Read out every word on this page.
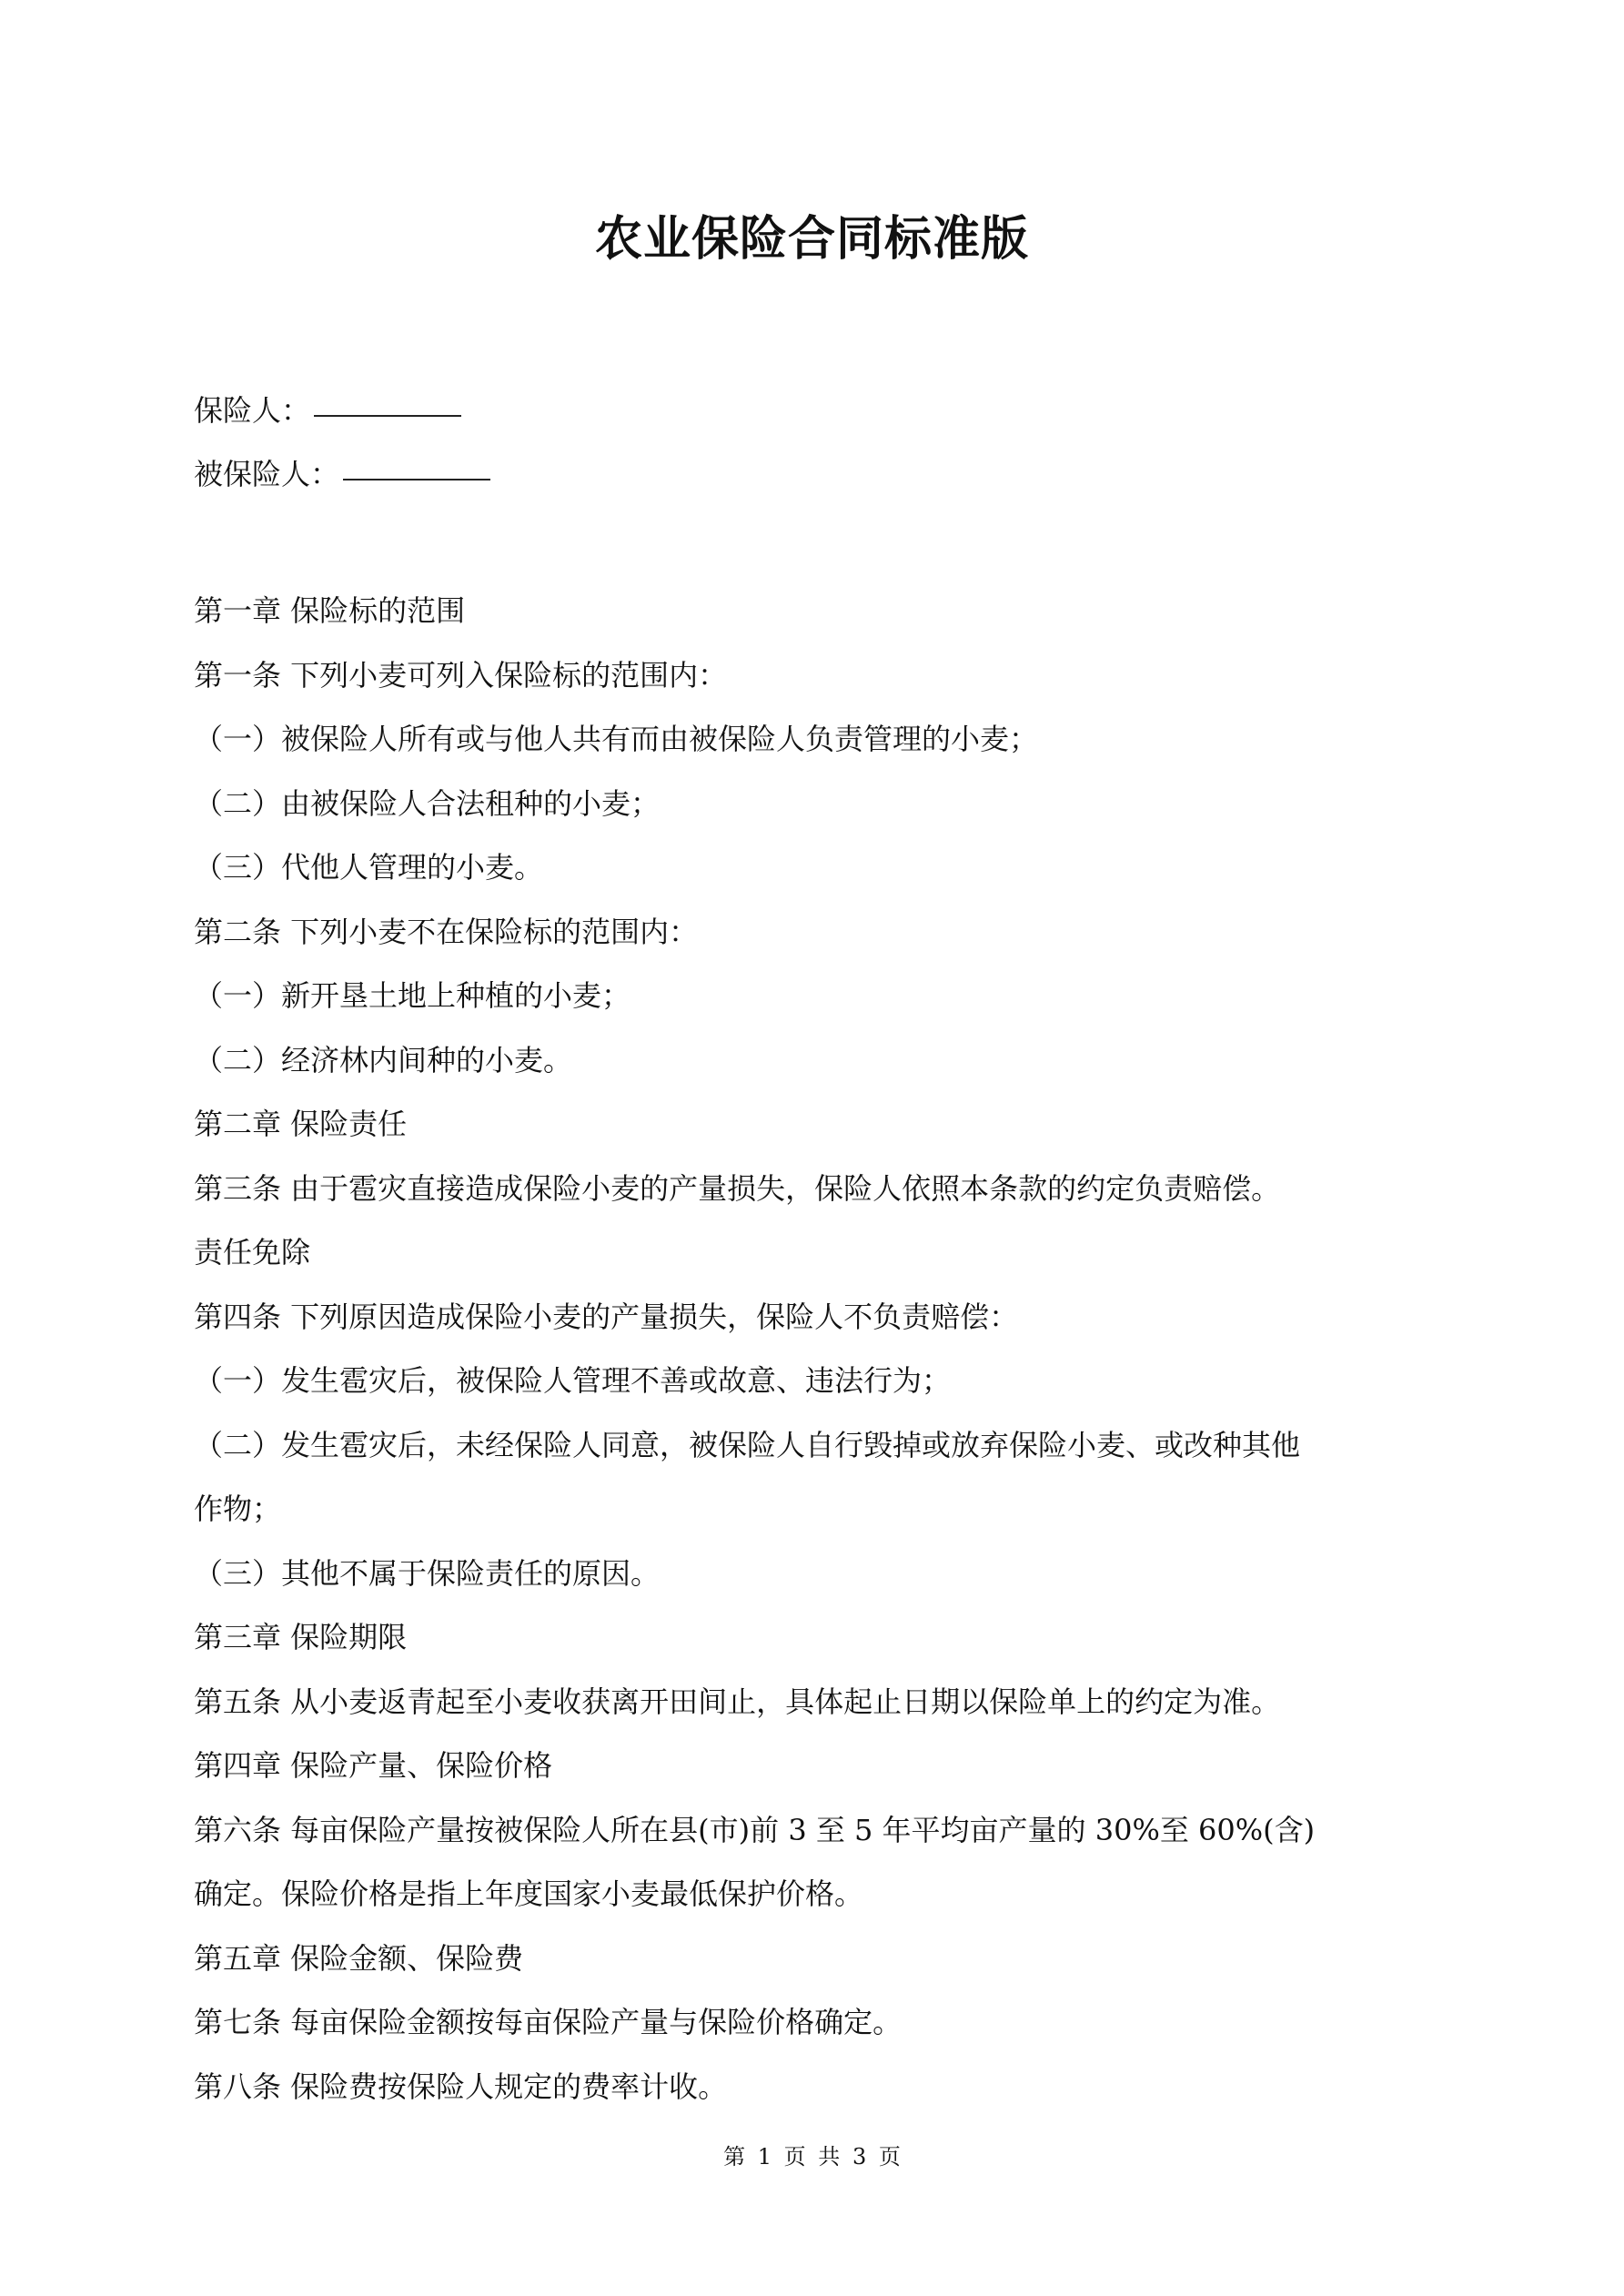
农业保险合同标准版
保险人：
被保险人：
第一章 保险标的范围
第一条 下列小麦可列入保险标的范围内：
（一）被保险人所有或与他人共有而由被保险人负责管理的小麦；
（二）由被保险人合法租种的小麦；
（三）代他人管理的小麦。
第二条 下列小麦不在保险标的范围内：
（一）新开垦土地上种植的小麦；
（二）经济林内间种的小麦。
第二章 保险责任
第三条 由于雹灾直接造成保险小麦的产量损失，保险人依照本条款的约定负责赔偿。
责任免除
第四条 下列原因造成保险小麦的产量损失，保险人不负责赔偿：
（一）发生雹灾后，被保险人管理不善或故意、违法行为；
（二）发生雹灾后，未经保险人同意，被保险人自行毁掉或放弃保险小麦、或改种其他
作物；
（三）其他不属于保险责任的原因。
第三章 保险期限
第五条 从小麦返青起至小麦收获离开田间止，具体起止日期以保险单上的约定为准。
第四章 保险产量、保险价格
第六条 每亩保险产量按被保险人所在县(市)前 3 至 5 年平均亩产量的 30%至 60%(含)
确定。保险价格是指上年度国家小麦最低保护价格。
第五章 保险金额、保险费
第七条 每亩保险金额按每亩保险产量与保险价格确定。
第八条 保险费按保险人规定的费率计收。
第 1 页 共 3 页
